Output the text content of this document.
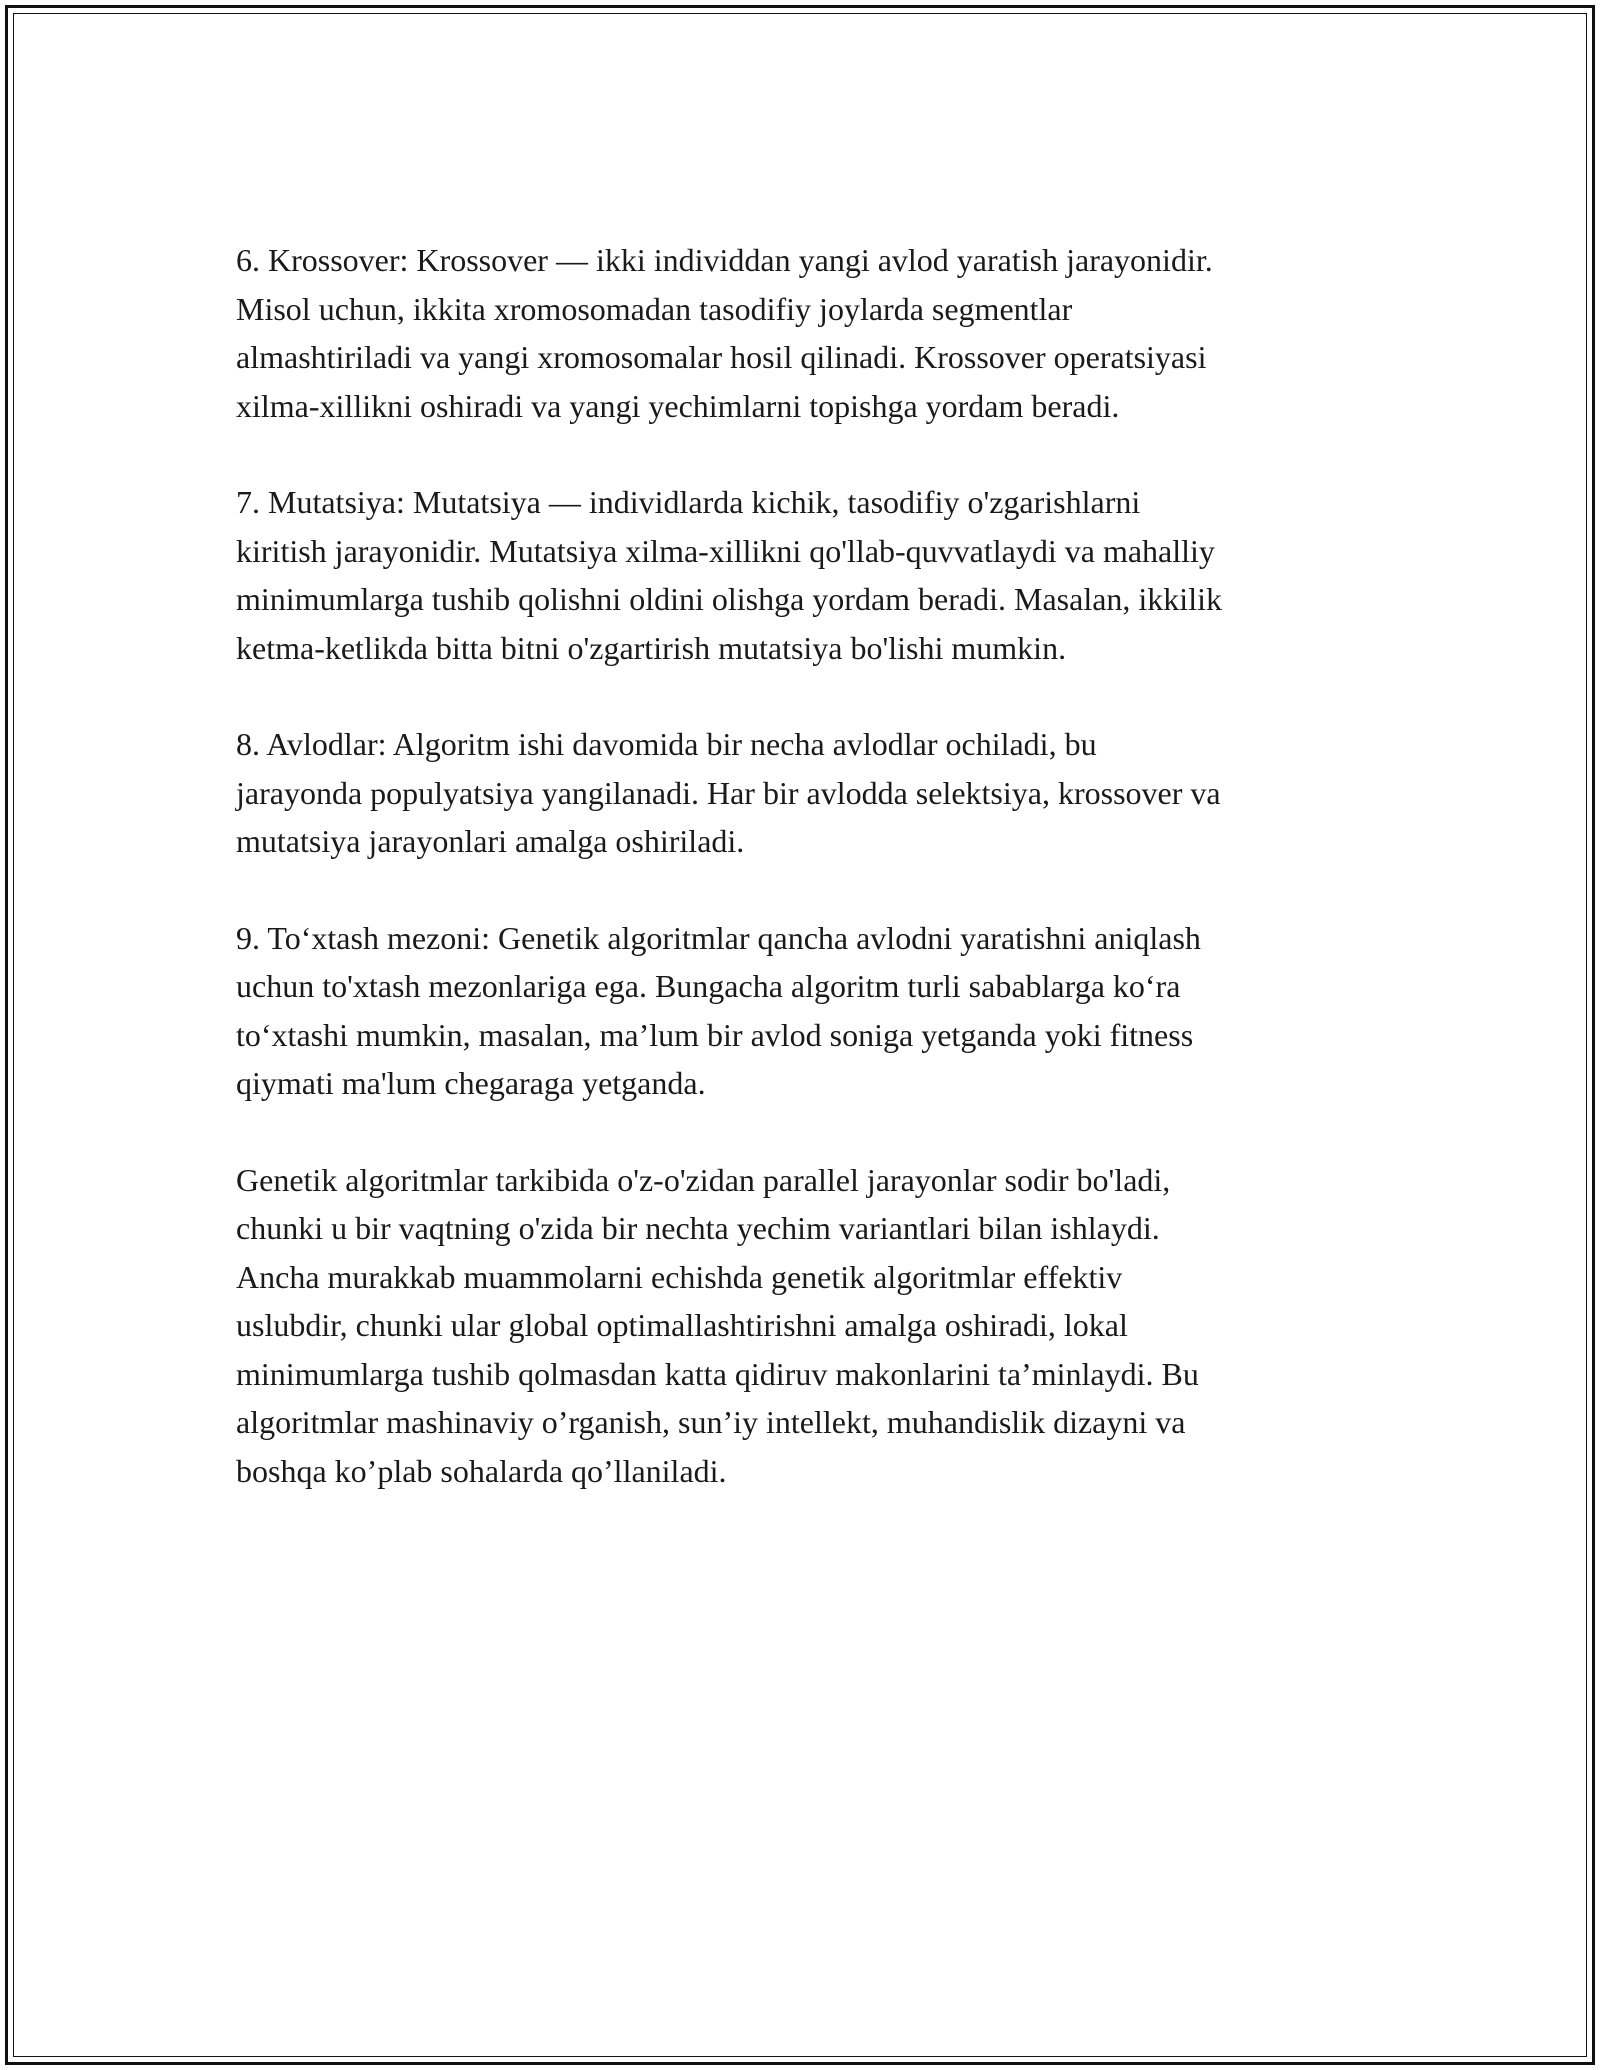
6. Krossover: Krossover — ikki individdan yangi avlod yaratish jarayonidir.
Misol uchun, ikkita xromosomadan tasodifiy joylarda segmentlar
almashtiriladi va yangi xromosomalar hosil qilinadi. Krossover operatsiyasi
xilma-xillikni oshiradi va yangi yechimlarni topishga yordam beradi.

7. Mutatsiya: Mutatsiya — individlarda kichik, tasodifiy o'zgarishlarni
kiritish jarayonidir. Mutatsiya xilma-xillikni qo'llab-quvvatlaydi va mahalliy
minimumlarga tushib qolishni oldini olishga yordam beradi. Masalan, ikkilik
ketma-ketlikda bitta bitni o'zgartirish mutatsiya bo'lishi mumkin.

8. Avlodlar: Algoritm ishi davomida bir necha avlodlar ochiladi, bu
jarayonda populyatsiya yangilanadi. Har bir avlodda selektsiya, krossover va
mutatsiya jarayonlari amalga oshiriladi.

9. To‘xtash mezoni: Genetik algoritmlar qancha avlodni yaratishni aniqlash
uchun to'xtash mezonlariga ega. Bungacha algoritm turli sabablarga ko‘ra
to‘xtashi mumkin, masalan, ma’lum bir avlod soniga yetganda yoki fitness
qiymati ma'lum chegaraga yetganda.

Genetik algoritmlar tarkibida o'z-o'zidan parallel jarayonlar sodir bo'ladi,
chunki u bir vaqtning o'zida bir nechta yechim variantlari bilan ishlaydi.
Ancha murakkab muammolarni echishda genetik algoritmlar effektiv
uslubdir, chunki ular global optimallashtirishni amalga oshiradi, lokal
minimumlarga tushib qolmasdan katta qidiruv makonlarini ta’minlaydi. Bu
algoritmlar mashinaviy o’rganish, sun’iy intellekt, muhandislik dizayni va
boshqa ko’plab sohalarda qo’llaniladi.
